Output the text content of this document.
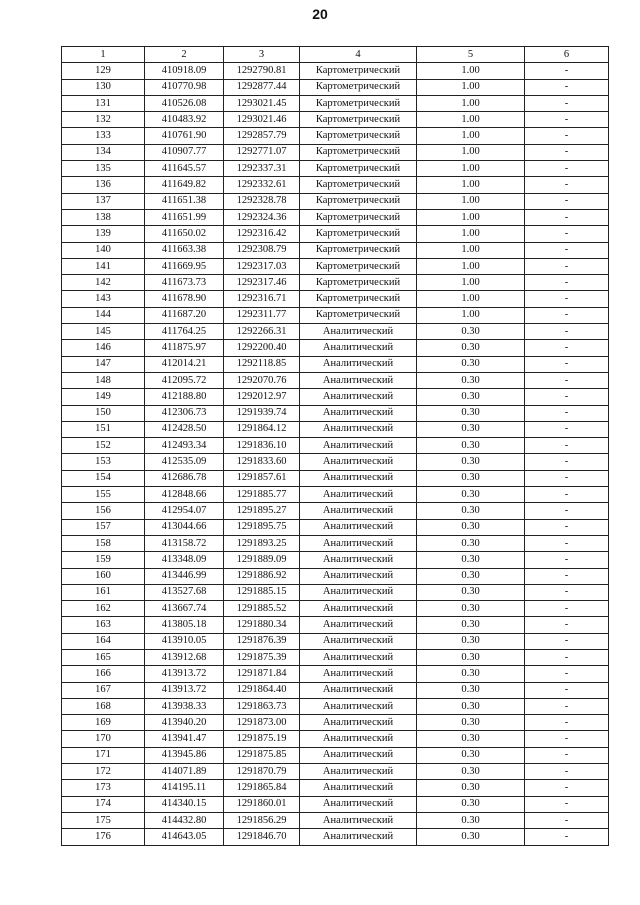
20
1	2	3	4	5	6
129	410918.09	1292790.81	Картометрический	1.00	-
130	410770.98	1292877.44	Картометрический	1.00	-
131	410526.08	1293021.45	Картометрический	1.00	-
132	410483.92	1293021.46	Картометрический	1.00	-
133	410761.90	1292857.79	Картометрический	1.00	-
134	410907.77	1292771.07	Картометрический	1.00	-
135	411645.57	1292337.31	Картометрический	1.00	-
136	411649.82	1292332.61	Картометрический	1.00	-
137	411651.38	1292328.78	Картометрический	1.00	-
138	411651.99	1292324.36	Картометрический	1.00	-
139	411650.02	1292316.42	Картометрический	1.00	-
140	411663.38	1292308.79	Картометрический	1.00	-
141	411669.95	1292317.03	Картометрический	1.00	-
142	411673.73	1292317.46	Картометрический	1.00	-
143	411678.90	1292316.71	Картометрический	1.00	-
144	411687.20	1292311.77	Картометрический	1.00	-
145	411764.25	1292266.31	Аналитический	0.30	-
146	411875.97	1292200.40	Аналитический	0.30	-
147	412014.21	1292118.85	Аналитический	0.30	-
148	412095.72	1292070.76	Аналитический	0.30	-
149	412188.80	1292012.97	Аналитический	0.30	-
150	412306.73	1291939.74	Аналитический	0.30	-
151	412428.50	1291864.12	Аналитический	0.30	-
152	412493.34	1291836.10	Аналитический	0.30	-
153	412535.09	1291833.60	Аналитический	0.30	-
154	412686.78	1291857.61	Аналитический	0.30	-
155	412848.66	1291885.77	Аналитический	0.30	-
156	412954.07	1291895.27	Аналитический	0.30	-
157	413044.66	1291895.75	Аналитический	0.30	-
158	413158.72	1291893.25	Аналитический	0.30	-
159	413348.09	1291889.09	Аналитический	0.30	-
160	413446.99	1291886.92	Аналитический	0.30	-
161	413527.68	1291885.15	Аналитический	0.30	-
162	413667.74	1291885.52	Аналитический	0.30	-
163	413805.18	1291880.34	Аналитический	0.30	-
164	413910.05	1291876.39	Аналитический	0.30	-
165	413912.68	1291875.39	Аналитический	0.30	-
166	413913.72	1291871.84	Аналитический	0.30	-
167	413913.72	1291864.40	Аналитический	0.30	-
168	413938.33	1291863.73	Аналитический	0.30	-
169	413940.20	1291873.00	Аналитический	0.30	-
170	413941.47	1291875.19	Аналитический	0.30	-
171	413945.86	1291875.85	Аналитический	0.30	-
172	414071.89	1291870.79	Аналитический	0.30	-
173	414195.11	1291865.84	Аналитический	0.30	-
174	414340.15	1291860.01	Аналитический	0.30	-
175	414432.80	1291856.29	Аналитический	0.30	-
176	414643.05	1291846.70	Аналитический	0.30	-
